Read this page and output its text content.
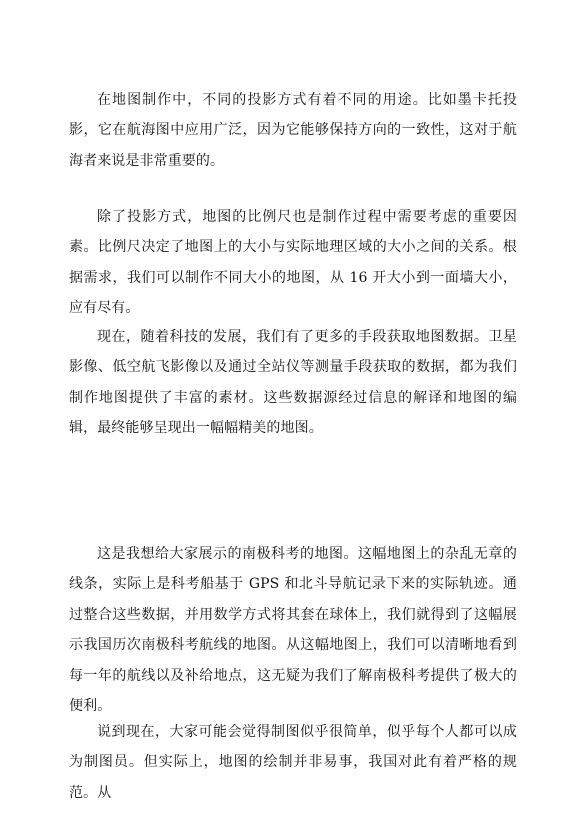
在地图制作中，不同的投影方式有着不同的用途。比如墨卡托投影，它在航海图中应用广泛，因为它能够保持方向的一致性，这对于航海者来说是非常重要的。

除了投影方式，地图的比例尺也是制作过程中需要考虑的重要因素。比例尺决定了地图上的大小与实际地理区域的大小之间的关系。根据需求，我们可以制作不同大小的地图，从 16 开大小到一面墙大小，应有尽有。

现在，随着科技的发展，我们有了更多的手段获取地图数据。卫星影像、低空航飞影像以及通过全站仪等测量手段获取的数据，都为我们制作地图提供了丰富的素材。这些数据源经过信息的解译和地图的编辑，最终能够呈现出一幅幅精美的地图。

这是我想给大家展示的南极科考的地图。这幅地图上的杂乱无章的线条，实际上是科考船基于 GPS 和北斗导航记录下来的实际轨迹。通过整合这些数据，并用数学方式将其套在球体上，我们就得到了这幅展示我国历次南极科考航线的地图。从这幅地图上，我们可以清晰地看到每一年的航线以及补给地点，这无疑为我们了解南极科考提供了极大的便利。

说到现在，大家可能会觉得制图似乎很简单，似乎每个人都可以成为制图员。但实际上，地图的绘制并非易事，我国对此有着严格的规范。从
